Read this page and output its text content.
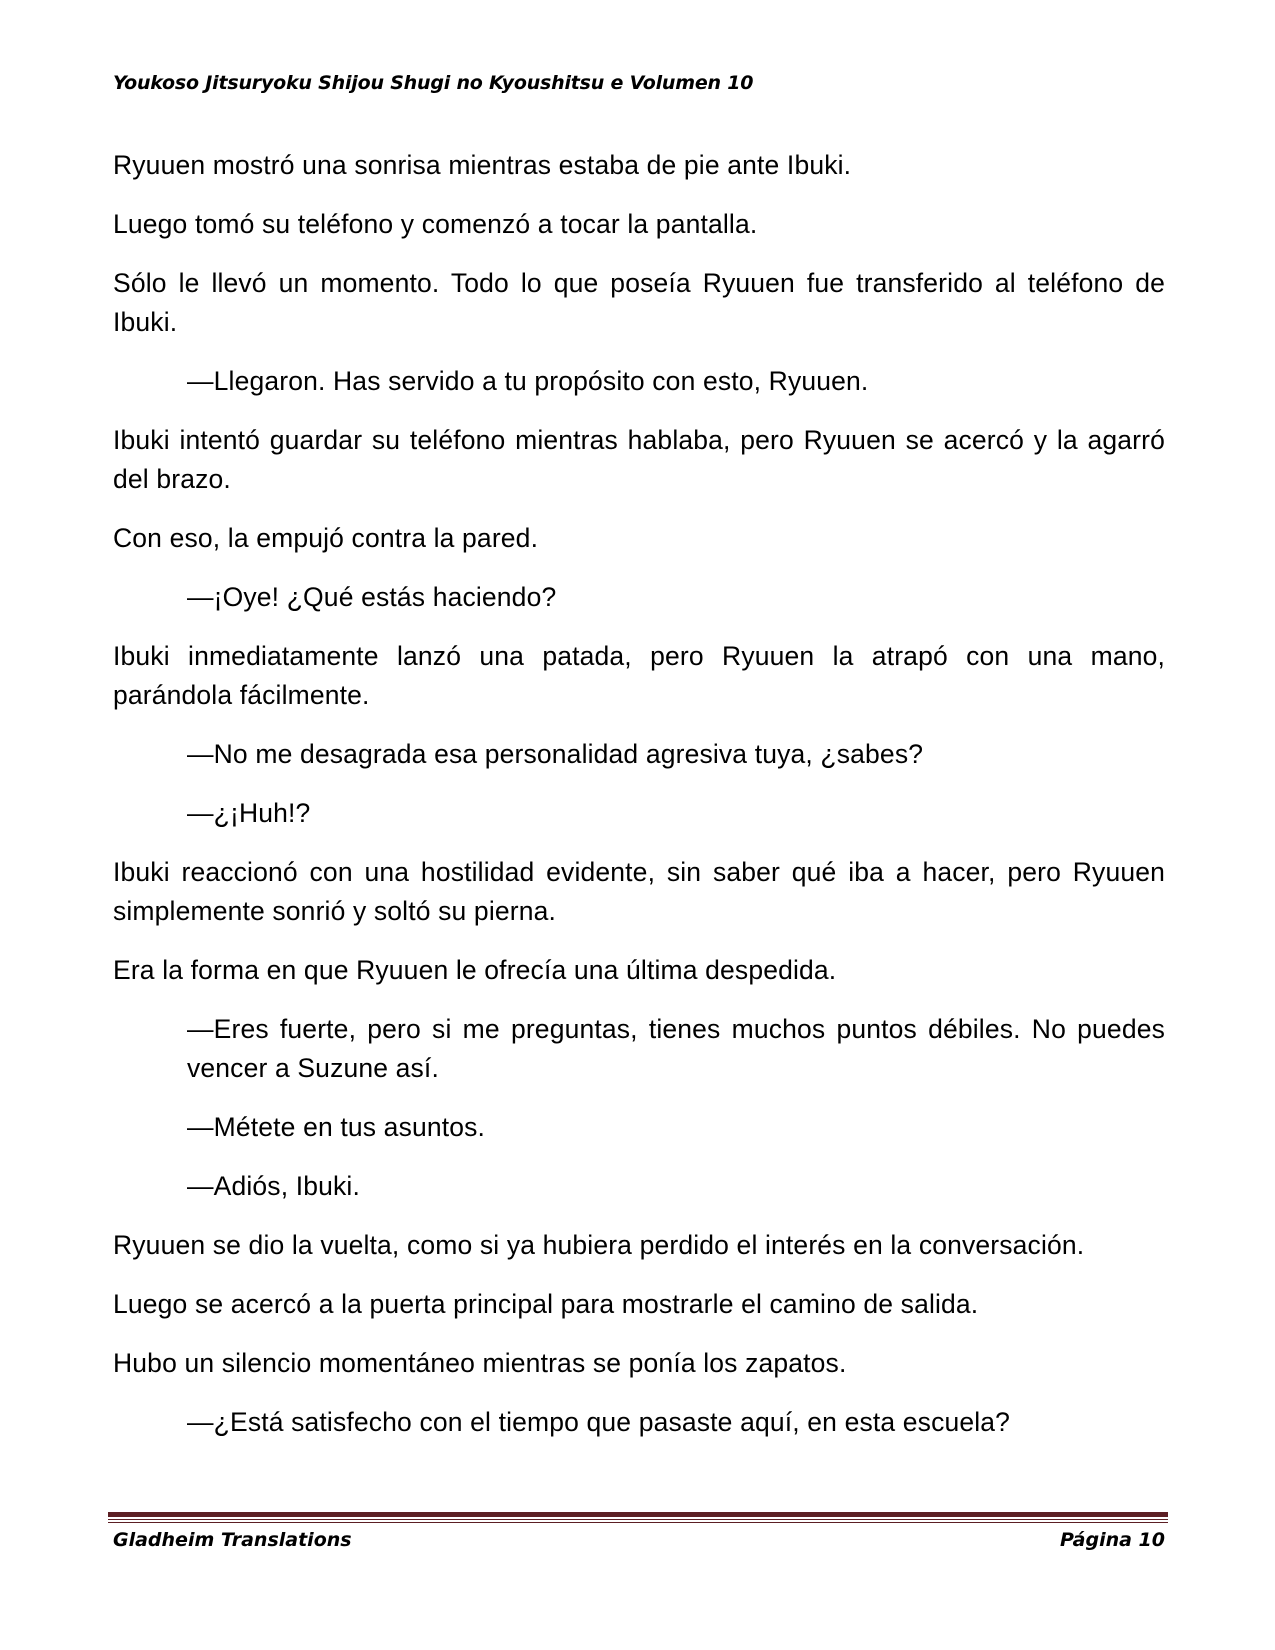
Youkoso Jitsuryoku Shijou Shugi no Kyoushitsu e Volumen 10

Ryuuen mostró una sonrisa mientras estaba de pie ante Ibuki.

Luego tomó su teléfono y comenzó a tocar la pantalla.

Sólo le llevó un momento. Todo lo que poseía Ryuuen fue transferido al teléfono de Ibuki.

—Llegaron. Has servido a tu propósito con esto, Ryuuen.

Ibuki intentó guardar su teléfono mientras hablaba, pero Ryuuen se acercó y la agarró del brazo.

Con eso, la empujó contra la pared.

—¡Oye! ¿Qué estás haciendo?

Ibuki inmediatamente lanzó una patada, pero Ryuuen la atrapó con una mano, parándola fácilmente.

—No me desagrada esa personalidad agresiva tuya, ¿sabes?

—¿¡Huh!?

Ibuki reaccionó con una hostilidad evidente, sin saber qué iba a hacer, pero Ryuuen simplemente sonrió y soltó su pierna.

Era la forma en que Ryuuen le ofrecía una última despedida.

—Eres fuerte, pero si me preguntas, tienes muchos puntos débiles. No puedes vencer a Suzune así.

—Métete en tus asuntos.

—Adiós, Ibuki.

Ryuuen se dio la vuelta, como si ya hubiera perdido el interés en la conversación.

Luego se acercó a la puerta principal para mostrarle el camino de salida.

Hubo un silencio momentáneo mientras se ponía los zapatos.

—¿Está satisfecho con el tiempo que pasaste aquí, en esta escuela?

Gladheim Translations	Página 10
